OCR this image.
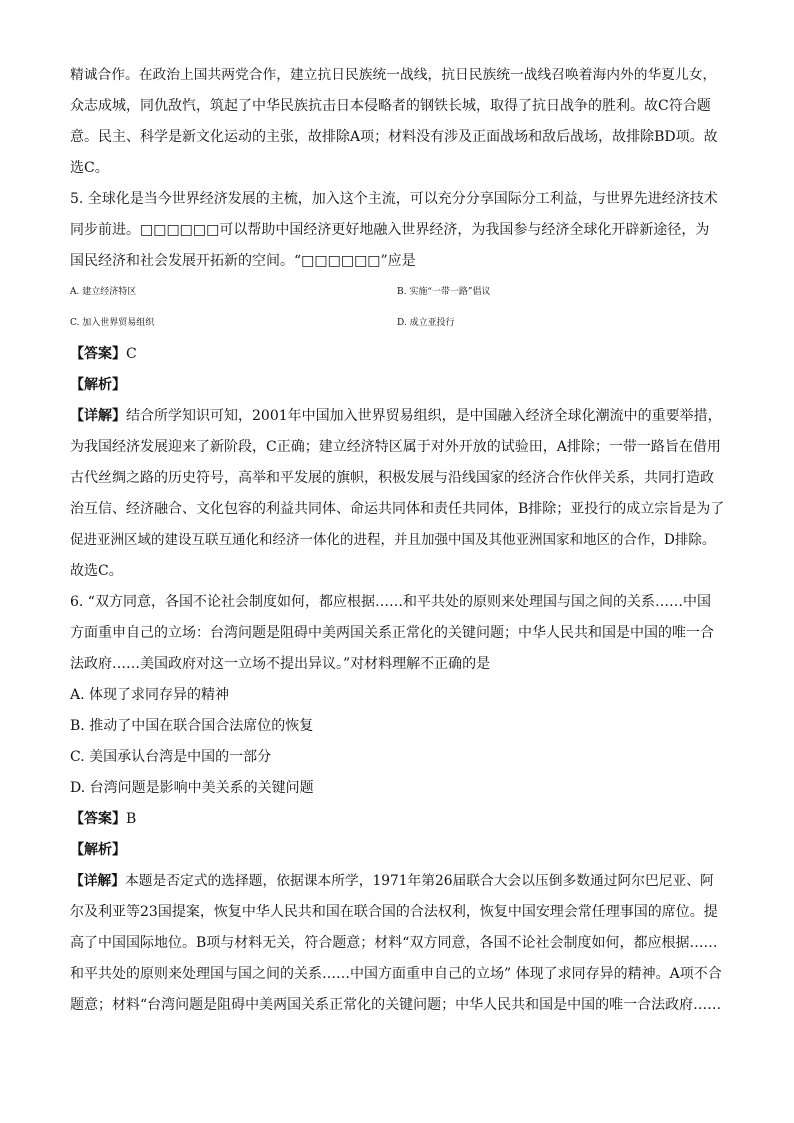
精诚合作。在政治上国共两党合作，建立抗日民族统一战线，抗日民族统一战线召唤着海内外的华夏儿女，
众志成城，同仇敌忾，筑起了中华民族抗击日本侵略者的钢铁长城，取得了抗日战争的胜利。故C符合题
意。民主、科学是新文化运动的主张，故排除A项；材料没有涉及正面战场和敌后战场，故排除BD项。故
选C。

5. 全球化是当今世界经济发展的主梳，加入这个主流，可以充分分享国际分工利益，与世界先进经济技术
同步前进。□□□□□□可以帮助中国经济更好地融入世界经济，为我国参与经济全球化开辟新途径，为
国民经济和社会发展开拓新的空间。“□□□□□□”应是

A. 建立经济特区	B. 实施“一带一路”倡议
C. 加入世界贸易组织	D. 成立亚投行
【答案】C
【解析】

【详解】结合所学知识可知，2001年中国加入世界贸易组织，是中国融入经济全球化潮流中的重要举措，
为我国经济发展迎来了新阶段，C正确；建立经济特区属于对外开放的试验田，A排除；一带一路旨在借用
古代丝绸之路的历史符号，高举和平发展的旗帜，积极发展与沿线国家的经济合作伙伴关系，共同打造政
治互信、经济融合、文化包容的利益共同体、命运共同体和责任共同体，B排除；亚投行的成立宗旨是为了
促进亚洲区域的建设互联互通化和经济一体化的进程，并且加强中国及其他亚洲国家和地区的合作，D排除。
故选C。

6. “双方同意，各国不论社会制度如何，都应根据……和平共处的原则来处理国与国之间的关系……中国
方面重申自己的立场：台湾问题是阻碍中美两国关系正常化的关键问题；中华人民共和国是中国的唯一合
法政府……美国政府对这一立场不提出异议。”对材料理解不正确的是

A. 体现了求同存异的精神
B. 推动了中国在联合国合法席位的恢复
C. 美国承认台湾是中国的一部分
D. 台湾问题是影响中美关系的关键问题
【答案】B
【解析】

【详解】本题是否定式的选择题，依据课本所学，1971年第26届联合大会以压倒多数通过阿尔巴尼亚、阿
尔及利亚等23国提案，恢复中华人民共和国在联合国的合法权利，恢复中国安理会常任理事国的席位。提
高了中国国际地位。B项与材料无关，符合题意；材料“双方同意，各国不论社会制度如何，都应根据……
和平共处的原则来处理国与国之间的关系……中国方面重申自己的立场” 体现了求同存异的精神。A项不合
题意；材料“台湾问题是阻碍中美两国关系正常化的关键问题；中华人民共和国是中国的唯一合法政府……
